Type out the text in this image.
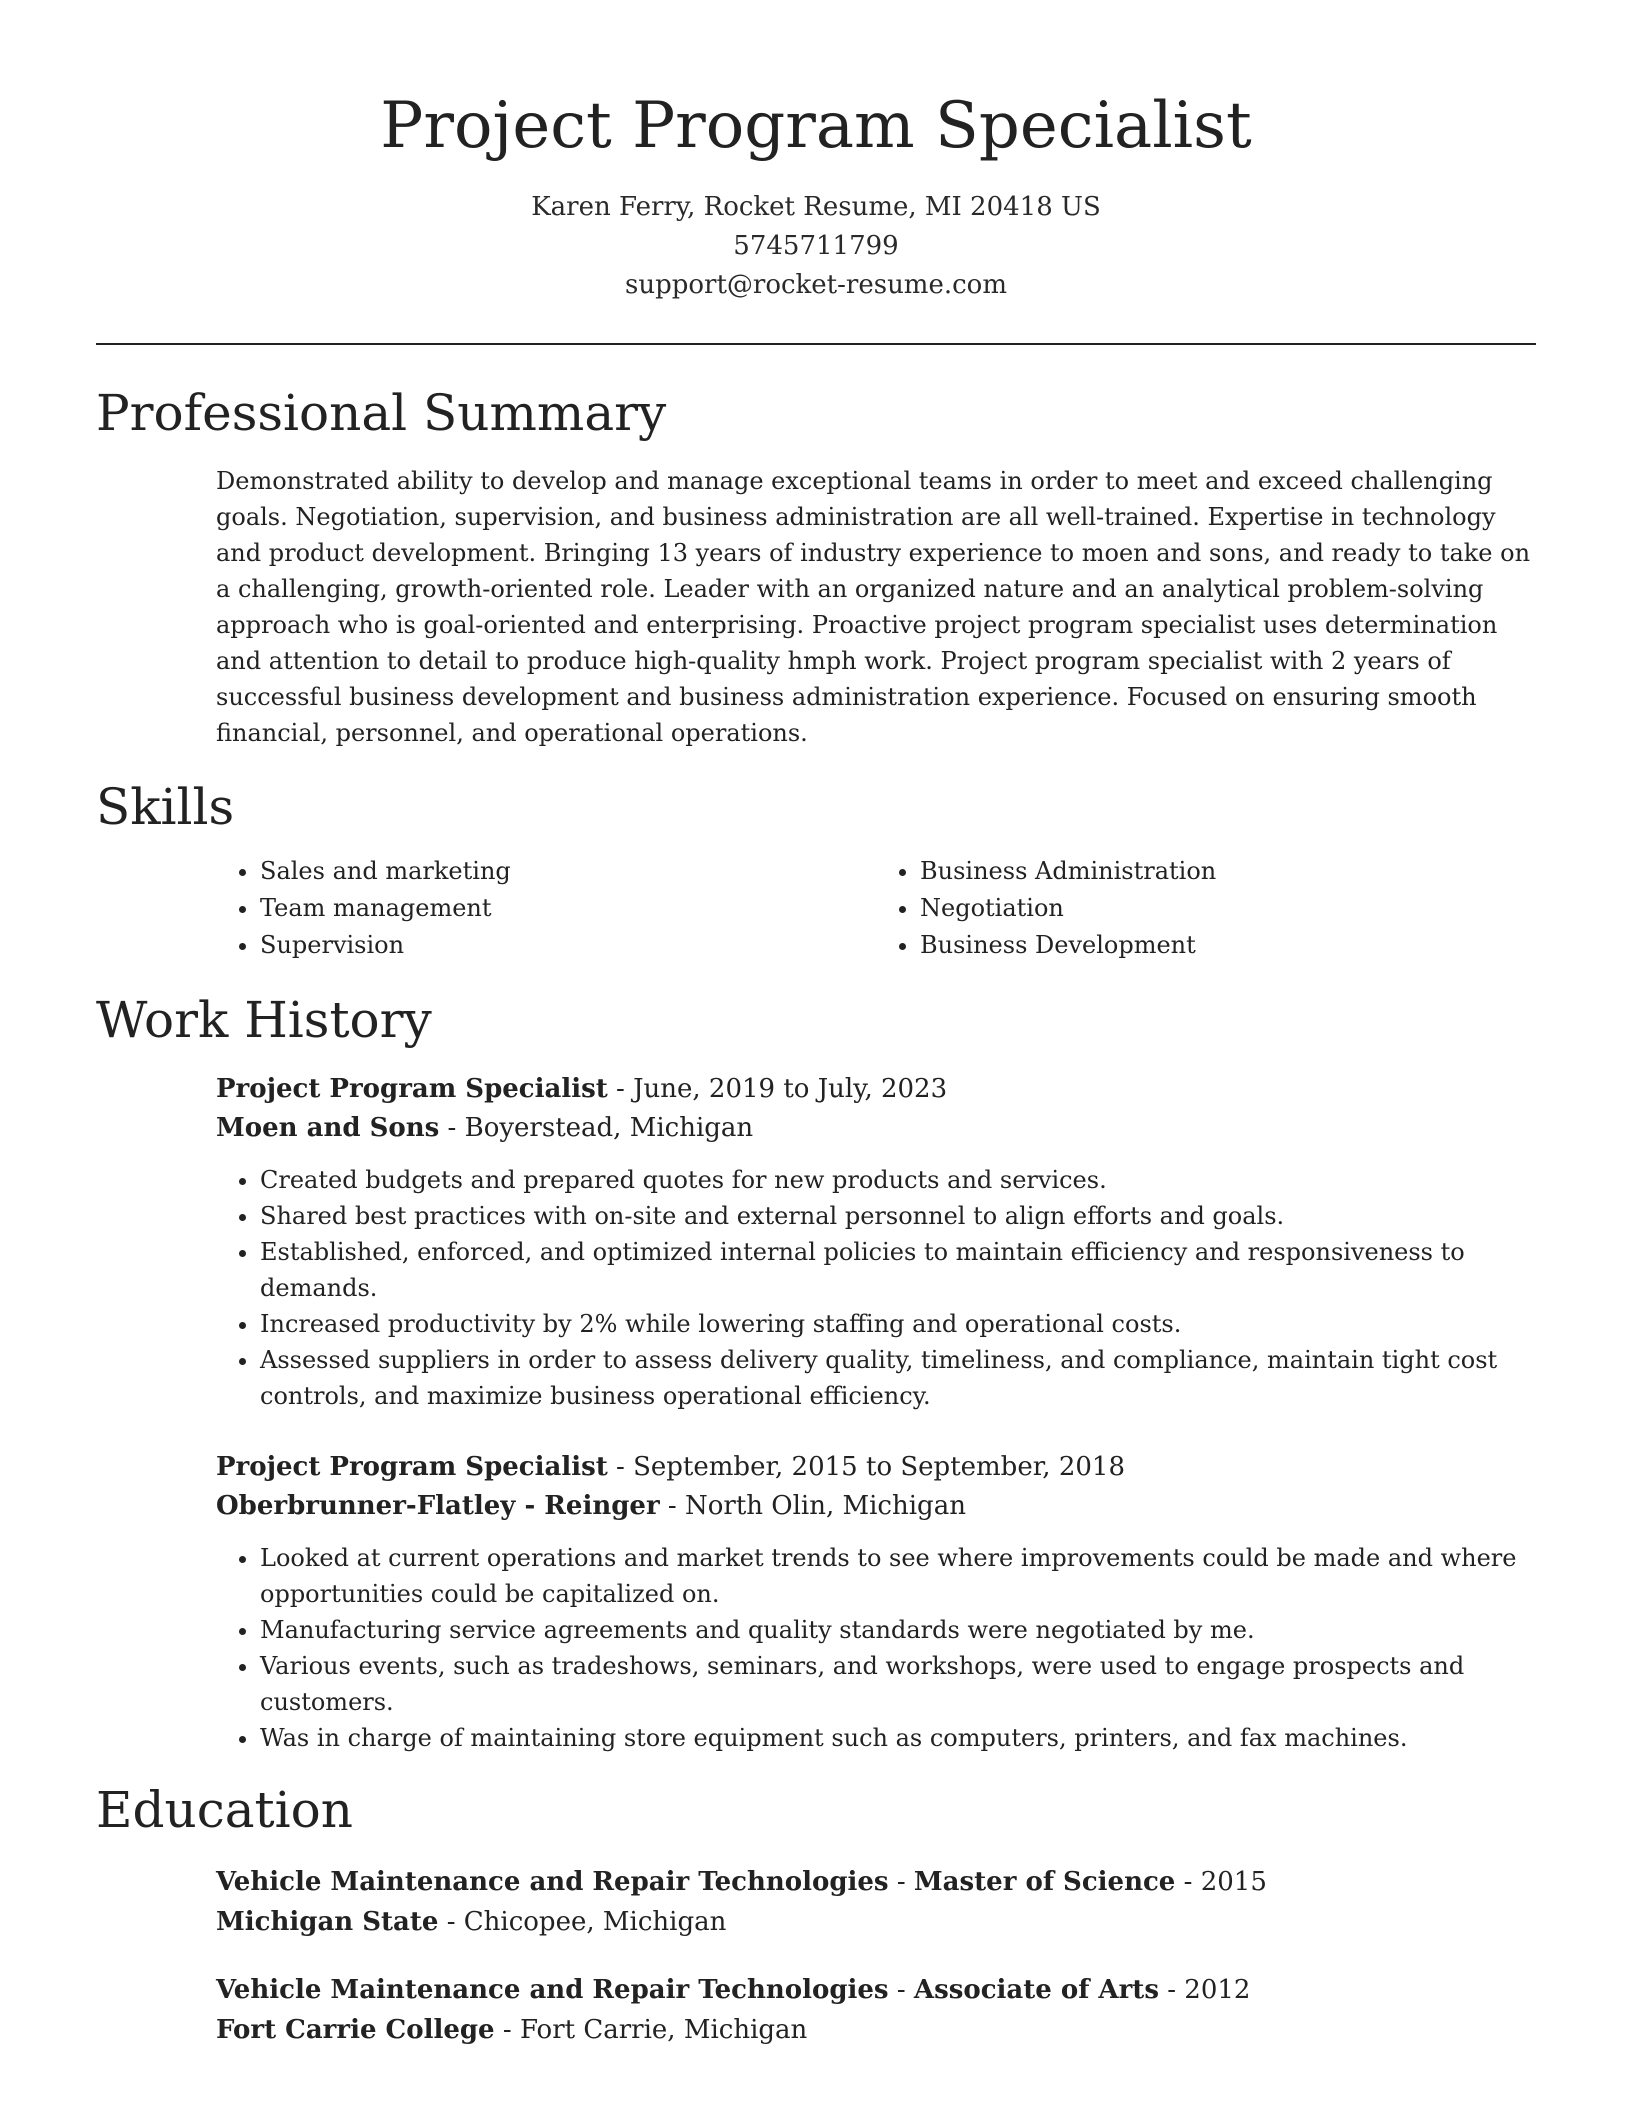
Project Program Specialist
Karen Ferry, Rocket Resume, MI 20418 US
5745711799
support@rocket-resume.com
Professional Summary
Demonstrated ability to develop and manage exceptional teams in order to meet and exceed challenging goals. Negotiation, supervision, and business administration are all well-trained. Expertise in technology and product development. Bringing 13 years of industry experience to moen and sons, and ready to take on a challenging, growth-oriented role. Leader with an organized nature and an analytical problem-solving approach who is goal-oriented and enterprising. Proactive project program specialist uses determination and attention to detail to produce high-quality hmph work. Project program specialist with 2 years of successful business development and business administration experience. Focused on ensuring smooth financial, personnel, and operational operations.
Skills
• Sales and marketing
• Team management
• Supervision
• Business Administration
• Negotiation
• Business Development
Work History
Project Program Specialist - June, 2019 to July, 2023
Moen and Sons - Boyerstead, Michigan
• Created budgets and prepared quotes for new products and services.
• Shared best practices with on-site and external personnel to align efforts and goals.
• Established, enforced, and optimized internal policies to maintain efficiency and responsiveness to demands.
• Increased productivity by 2% while lowering staffing and operational costs.
• Assessed suppliers in order to assess delivery quality, timeliness, and compliance, maintain tight cost controls, and maximize business operational efficiency.
Project Program Specialist - September, 2015 to September, 2018
Oberbrunner-Flatley - Reinger - North Olin, Michigan
• Looked at current operations and market trends to see where improvements could be made and where opportunities could be capitalized on.
• Manufacturing service agreements and quality standards were negotiated by me.
• Various events, such as tradeshows, seminars, and workshops, were used to engage prospects and customers.
• Was in charge of maintaining store equipment such as computers, printers, and fax machines.
Education
Vehicle Maintenance and Repair Technologies - Master of Science - 2015
Michigan State - Chicopee, Michigan
Vehicle Maintenance and Repair Technologies - Associate of Arts - 2012
Fort Carrie College - Fort Carrie, Michigan
